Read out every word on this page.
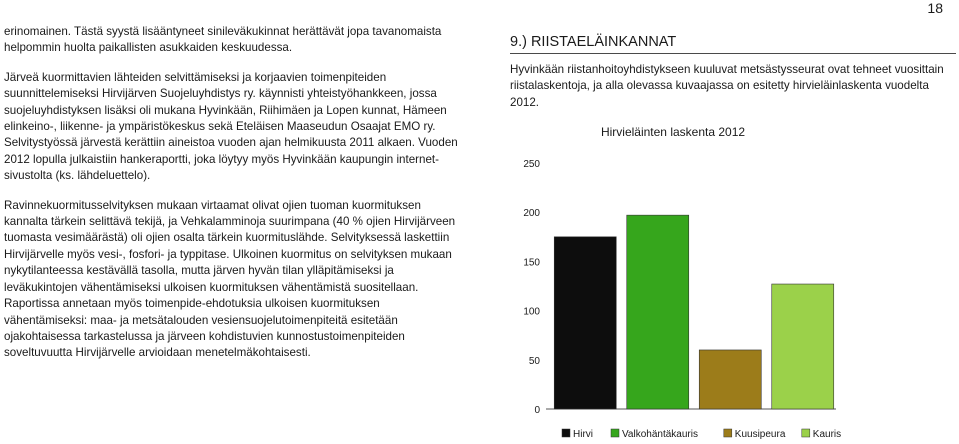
18

erinomainen. Tästä syystä lisääntyneet sinileväkukinnat herättävät jopa tavanomaista helpommin huolta paikallisten asukkaiden keskuudessa.

Järveä kuormittavien lähteiden selvittämiseksi ja korjaavien toimenpiteiden suunnittelemiseksi Hirvijärven Suojeluyhdistys ry. käynnisti yhteistyöhankkeen, jossa suojeluyhdistyksen lisäksi oli mukana Hyvinkään, Riihimäen ja Lopen kunnat, Hämeen elinkeino-, liikenne- ja ympäristökeskus sekä Eteläisen Maaseudun Osaajat EMO ry. Selvitystyössä järvestä kerättiin aineistoa vuoden ajan helmikuusta 2011 alkaen. Vuoden 2012 lopulla julkaistiin hankeraportti, joka löytyy myös Hyvinkään kaupungin internet-sivustolta (ks. lähdeluettelo).

Ravinnekuormitusselvityksen mukaan virtaamat olivat ojien tuoman kuormituksen kannalta tärkein selittävä tekijä, ja Vehkalamminoja suurimpana (40 % ojien Hirvijärveen tuomasta vesimäärästä) oli ojien osalta tärkein kuormituslähde. Selvityksessä laskettiin Hirvijärvelle myös vesi-, fosfori- ja typpitase. Ulkoinen kuormitus on selvityksen mukaan nykytilanteessa kestävällä tasolla, mutta järven hyvän tilan ylläpitämiseksi ja leväkukintojen vähentämiseksi ulkoisen kuormituksen vähentämistä suositellaan. Raportissa annetaan myös toimenpide-ehdotuksia ulkoisen kuormituksen vähentämiseksi: maa- ja metsätalouden vesiensuojelutoimenpiteitä esitetään ojakohtaisessa tarkastelussa ja järveen kohdistuvien kunnostustoimenpiteiden soveltuvuutta Hirvijärvelle arvioidaan menetelmäkohtaisesti.

9.) RIISTAELÄINKANNAT

Hyvinkään riistanhoitoyhdistykseen kuuluvat metsästysseurat ovat tehneet vuosittain riistalaskentoja, ja alla olevassa kuvaajassa on esitetty hirvieläinlaskenta vuodelta 2012.

Hirvieläinten laskenta 2012
0
50
100
150
200
250
Hirvi	Valkohäntäkauris	Kuusipeura	Kauris
